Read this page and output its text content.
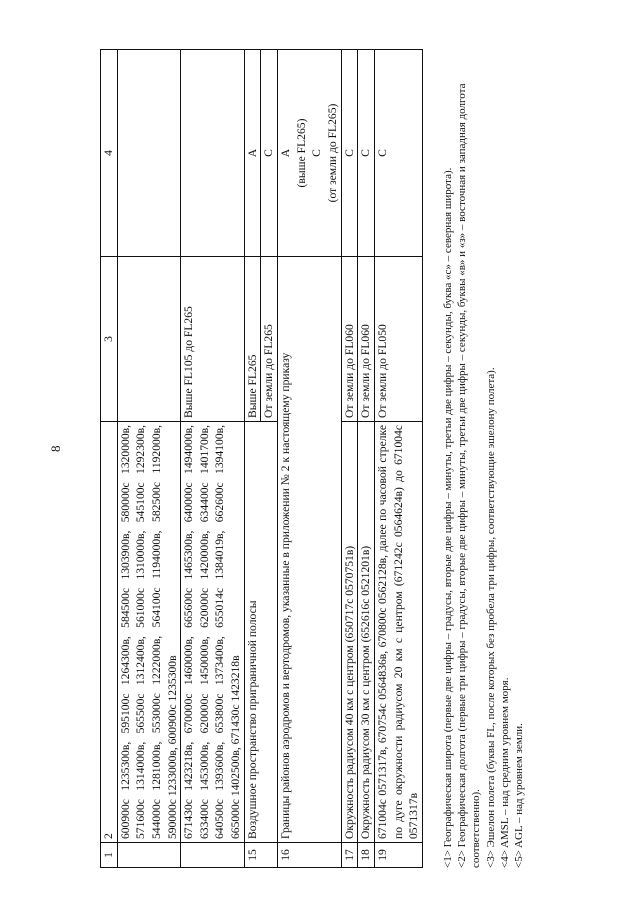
8
1	2	3	4
	600900с 1235300в, 595100с 1264300в, 584500с 1303900в, 580000с 1320000в, 571600с 1314000в, 565500с 1312400в, 561000с 1310000в, 545100с 1292300в, 544000с 1281000в, 553000с 1222000в, 564100с 1194000в, 582500с 1192000в, 590000с 1233000в, 600900с 1235300в		
	671430с 1423218в, 670000с 1460000в, 665600с 1465300в, 640000с 1494000в, 633400с 1453000в, 620000с 1450000в, 620000с 1420000в, 634400с 1401700в, 640500с 1393600в, 653800с 1373400в, 655014с 1384019в, 662600с 1394100в, 665000с 1402500в, 671430с 1423218в	Выше FL105 до FL265	
15	Воздушное пространство приграничной полосы	Выше FL265	A
		От земли до FL265	C
16	Границы районов аэродромов и вертодромов, указанные в приложении № 2 к настоящему приказу		A (выше FL265) C (от земли до FL265)

17	Окружность радиусом 40 км с центром (650717с 0570751в)	От земли до FL060	C
18	Окружность радиусом 30 км с центром (652616с 0521201в)	От земли до FL060	C
19	671004с 0571317в, 670754с 0564836в, 670800с 0562128в, далее по часовой стрелке по дуге окружности радиусом 20 км с центром (671242с 0564624в) до 671004с 0571317в	От земли до FL050	C

<1> Географическая широта (первые две цифры – градусы, вторые две цифры – минуты, третьи две цифры – секунды, буква «с» – северная широта). <2> Географическая долгота (первые три цифры – градусы, вторые две цифры – минуты, третьи две цифры – секунды, буквы «в» и «з» – восточная и западная долгота соответственно). <3> Эшелон полета (буквы FL, после которых без пробела три цифры, соответствующие эшелону полета). <4> AMSL – над средним уровнем моря. <5> AGL – над уровнем земли.
